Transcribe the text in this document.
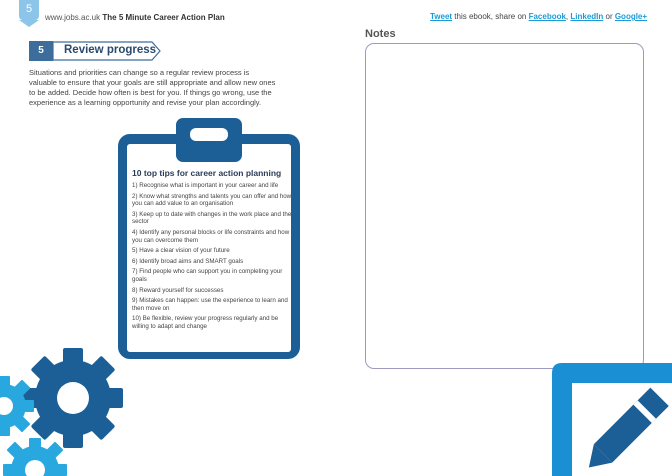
5
www.jobs.ac.uk The 5 Minute Career Action Plan	Tweet this ebook, share on Facebook, LinkedIn or Google+
5	Review progress

Situations and priorities can change so a regular review process is valuable to ensure that your goals are still appropriate and allow new ones to be added. Decide how often is best for you. If things go wrong, use the experience as a learning opportunity and revise your plan accordingly.

10 top tips for career action planning
1) Recognise what is important in your career and life
2) Know what strengths and talents you can offer and how you can add value to an organisation
3) Keep up to date with changes in the work place and the sector
4) Identify any personal blocks or life constraints and how you can overcome them
5) Have a clear vision of your future
6) Identify broad aims and SMART goals
7) Find people who can support you in completing your goals
8) Reward yourself for successes
9) Mistakes can happen: use the experience to learn and then move on
10) Be flexible, review your progress regularly and be willing to adapt and change
Notes
